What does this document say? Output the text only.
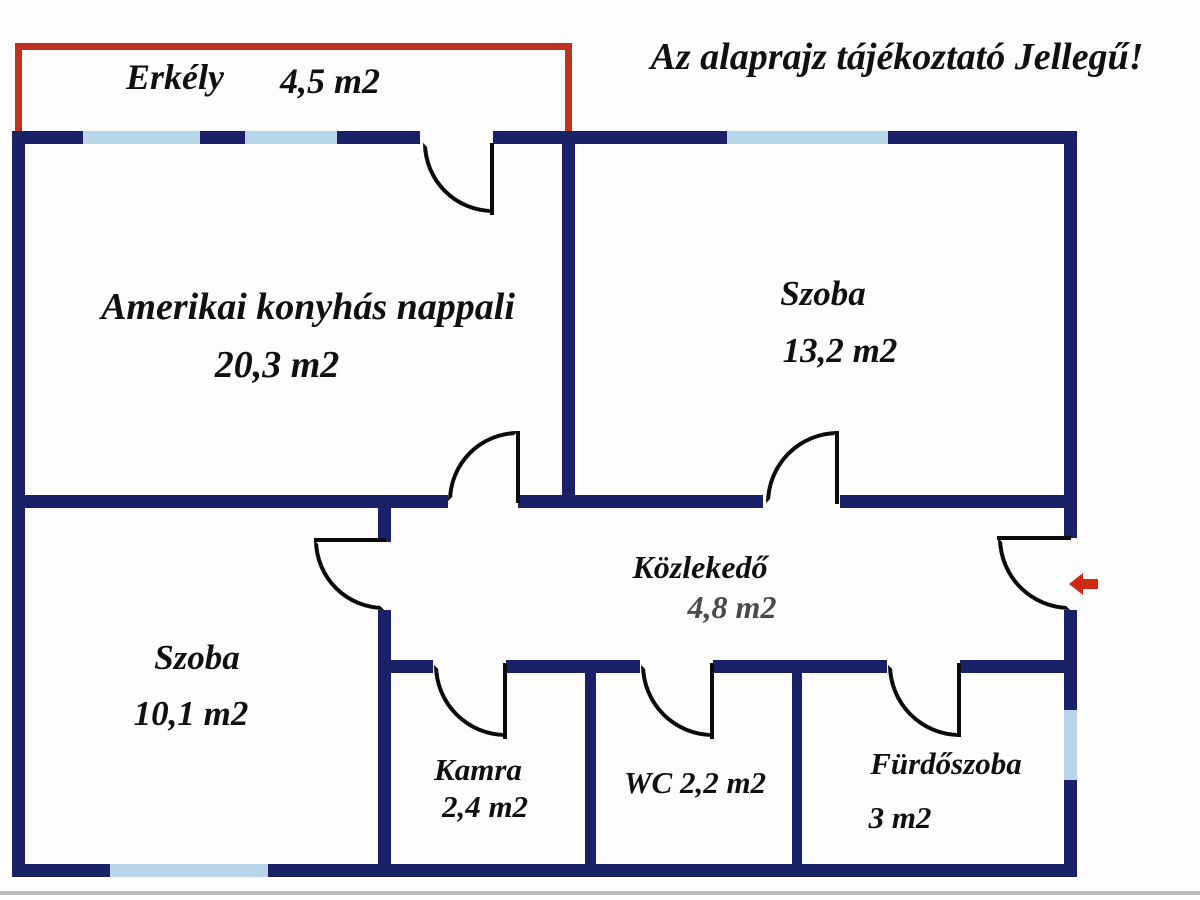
Az alaprajz tájékoztató Jellegű!
Erkély	4,5 m2
Amerikai konyhás nappali
20,3 m2
Szoba
13,2 m2
Közlekedő
4,8 m2
Szoba
10,1 m2
Kamra
2,4 m2
WC 2,2 m2
Fürdőszoba
3 m2
